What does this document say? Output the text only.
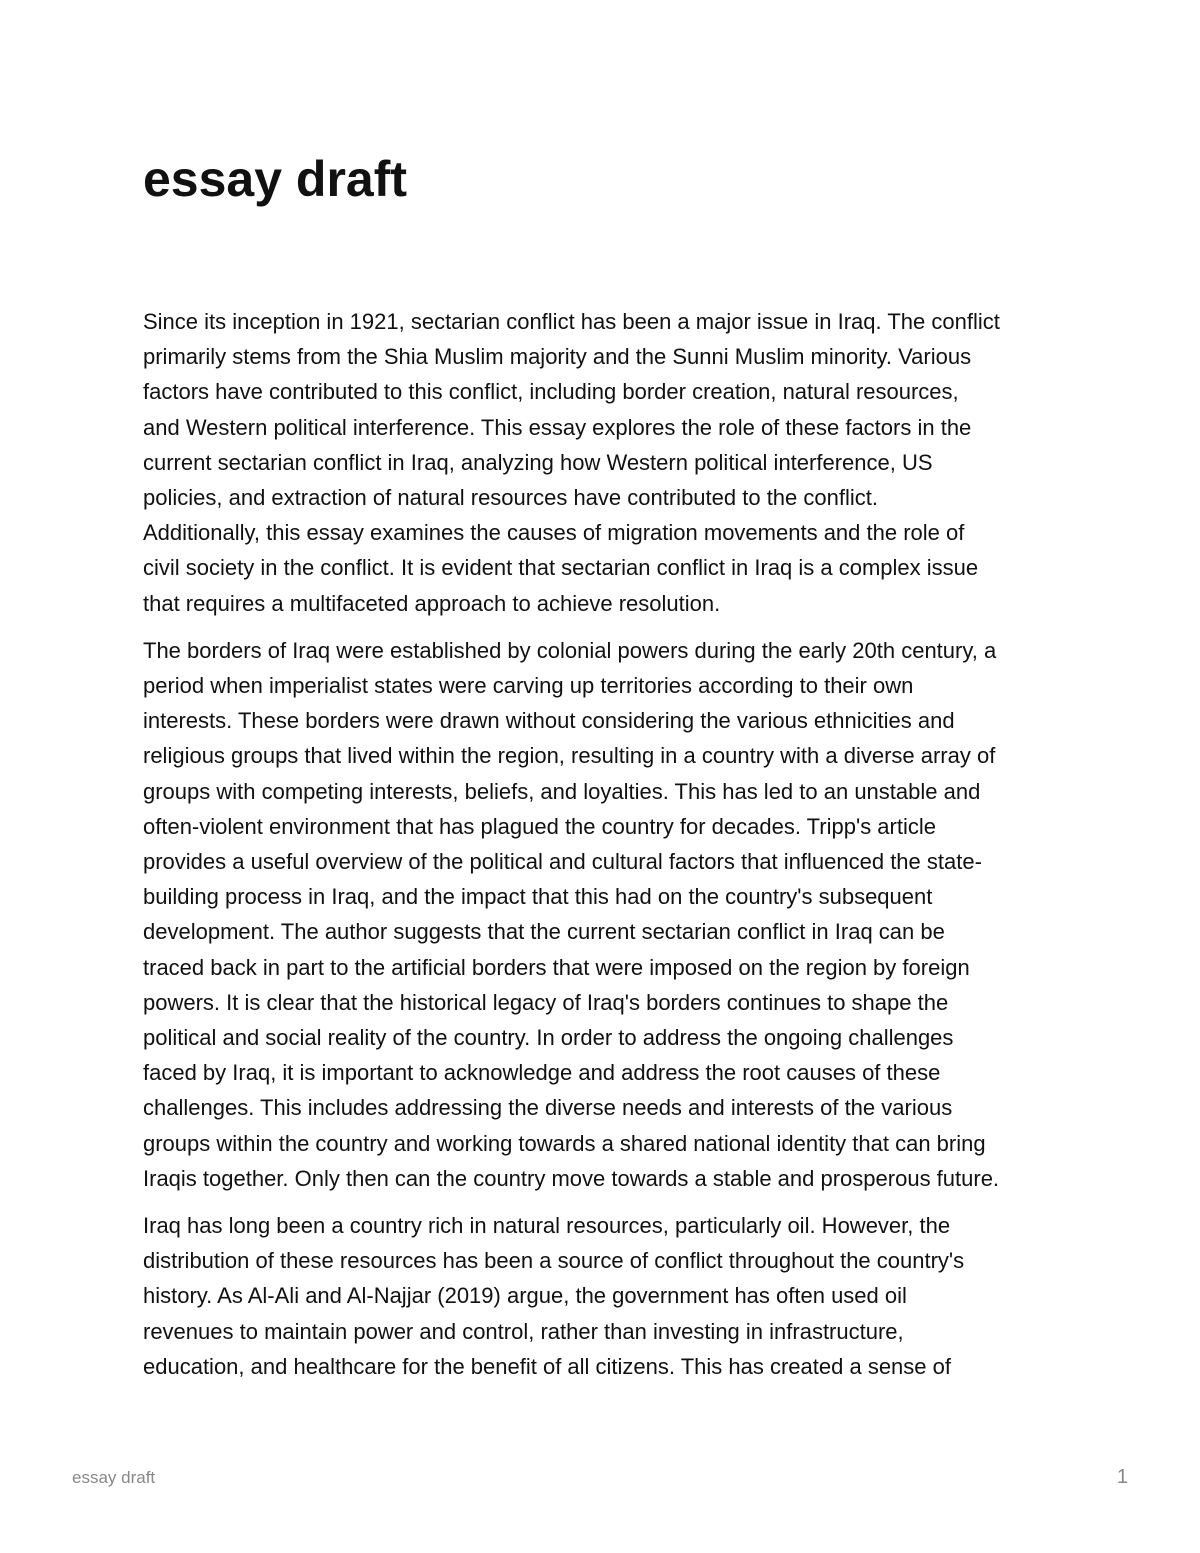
essay draft

Since its inception in 1921, sectarian conflict has been a major issue in Iraq. The conflict
primarily stems from the Shia Muslim majority and the Sunni Muslim minority. Various
factors have contributed to this conflict, including border creation, natural resources,
and Western political interference. This essay explores the role of these factors in the
current sectarian conflict in Iraq, analyzing how Western political interference, US
policies, and extraction of natural resources have contributed to the conflict.
Additionally, this essay examines the causes of migration movements and the role of
civil society in the conflict. It is evident that sectarian conflict in Iraq is a complex issue
that requires a multifaceted approach to achieve resolution.

The borders of Iraq were established by colonial powers during the early 20th century, a
period when imperialist states were carving up territories according to their own
interests. These borders were drawn without considering the various ethnicities and
religious groups that lived within the region, resulting in a country with a diverse array of
groups with competing interests, beliefs, and loyalties. This has led to an unstable and
often-violent environment that has plagued the country for decades. Tripp's article
provides a useful overview of the political and cultural factors that influenced the state-
building process in Iraq, and the impact that this had on the country's subsequent
development. The author suggests that the current sectarian conflict in Iraq can be
traced back in part to the artificial borders that were imposed on the region by foreign
powers. It is clear that the historical legacy of Iraq's borders continues to shape the
political and social reality of the country. In order to address the ongoing challenges
faced by Iraq, it is important to acknowledge and address the root causes of these
challenges. This includes addressing the diverse needs and interests of the various
groups within the country and working towards a shared national identity that can bring
Iraqis together. Only then can the country move towards a stable and prosperous future.

Iraq has long been a country rich in natural resources, particularly oil. However, the
distribution of these resources has been a source of conflict throughout the country's
history. As Al-Ali and Al-Najjar (2019) argue, the government has often used oil
revenues to maintain power and control, rather than investing in infrastructure,
education, and healthcare for the benefit of all citizens. This has created a sense of

essay draft	1
